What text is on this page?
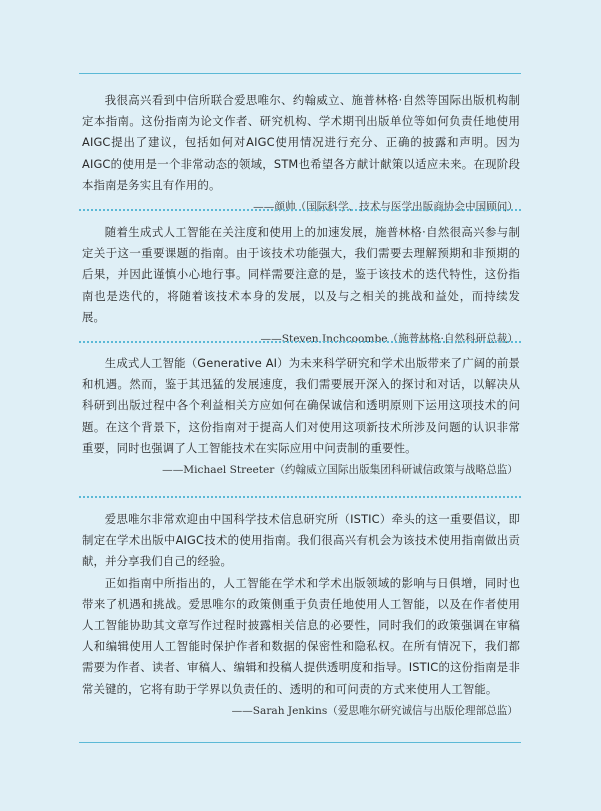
我很高兴看到中信所联合爱思唯尔、约翰威立、施普林格·自然等国际出版机构制定本指南。这份指南为论文作者、研究机构、学术期刊出版单位等如何负责任地使用AIGC提出了建议，包括如何对AIGC使用情况进行充分、正确的披露和声明。因为AIGC的使用是一个非常动态的领域，STM也希望各方献计献策以适应未来。在现阶段本指南是务实且有作用的。

——颜帅（国际科学、技术与医学出版商协会中国顾问）

随着生成式人工智能在关注度和使用上的加速发展，施普林格·自然很高兴参与制定关于这一重要课题的指南。由于该技术功能强大，我们需要去理解预期和非预期的后果，并因此谨慎小心地行事。同样需要注意的是，鉴于该技术的迭代特性，这份指南也是迭代的，将随着该技术本身的发展，以及与之相关的挑战和益处，而持续发展。

——Steven Inchcoombe（施普林格·自然科研总裁）

生成式人工智能（Generative AI）为未来科学研究和学术出版带来了广阔的前景和机遇。然而，鉴于其迅猛的发展速度，我们需要展开深入的探讨和对话，以解决从科研到出版过程中各个利益相关方应如何在确保诚信和透明原则下运用这项技术的问题。在这个背景下，这份指南对于提高人们对使用这项新技术所涉及问题的认识非常重要，同时也强调了人工智能技术在实际应用中问责制的重要性。

——Michael Streeter（约翰威立国际出版集团科研诚信政策与战略总监）

爱思唯尔非常欢迎由中国科学技术信息研究所（ISTIC）牵头的这一重要倡议，即制定在学术出版中AIGC技术的使用指南。我们很高兴有机会为该技术使用指南做出贡献，并分享我们自己的经验。

正如指南中所指出的，人工智能在学术和学术出版领域的影响与日俱增，同时也带来了机遇和挑战。爱思唯尔的政策侧重于负责任地使用人工智能，以及在作者使用人工智能协助其文章写作过程时披露相关信息的必要性，同时我们的政策强调在审稿人和编辑使用人工智能时保护作者和数据的保密性和隐私权。在所有情况下，我们都需要为作者、读者、审稿人、编辑和投稿人提供透明度和指导。ISTIC的这份指南是非常关键的，它将有助于学界以负责任的、透明的和可问责的方式来使用人工智能。

——Sarah Jenkins（爱思唯尔研究诚信与出版伦理部总监）
